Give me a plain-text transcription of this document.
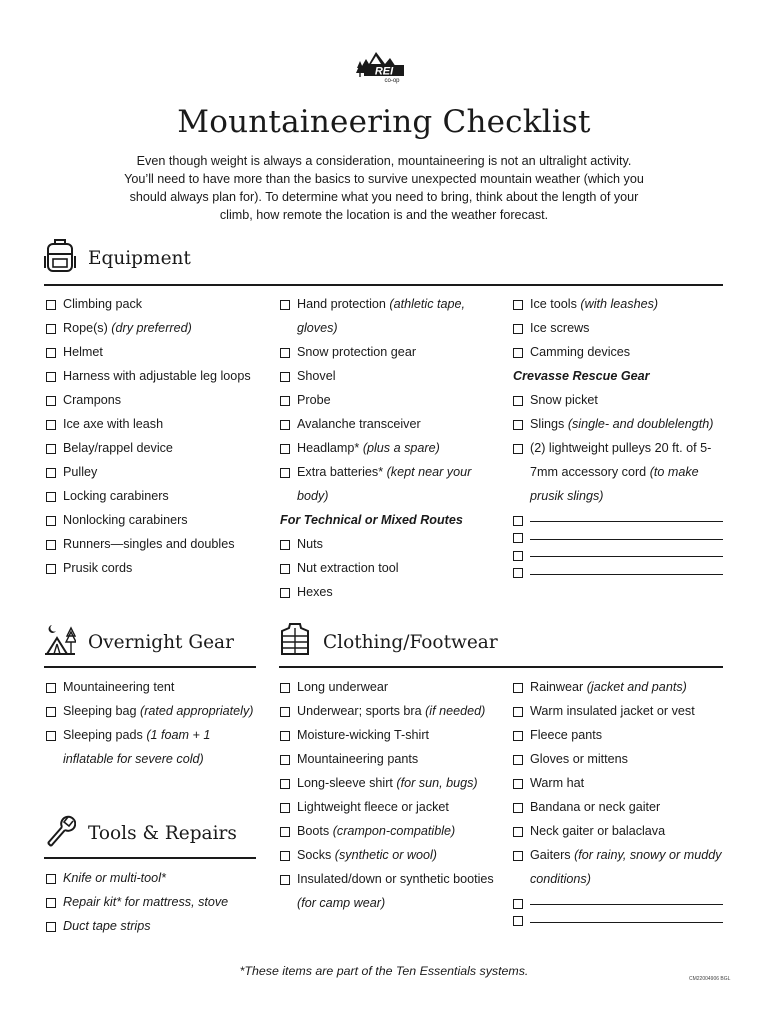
REI
co-op
Mountaineering Checklist
Even though weight is always a consideration, mountaineering is not an ultralight activity. You’ll need to have more than the basics to survive unexpected mountain weather (which you should always plan for). To determine what you need to bring, think about the length of your climb, how remote the location is and the weather forecast.
Equipment
Climbing pack
Rope(s) (dry preferred)
Helmet
Harness with adjustable leg loops
Crampons
Ice axe with leash
Belay/rappel device
Pulley
Locking carabiners
Nonlocking carabiners
Runners—singles and doubles
Prusik cords
Hand protection (athletic tape, gloves)
Snow protection gear
Shovel
Probe
Avalanche transceiver
Headlamp* (plus a spare)
Extra batteries* (kept near your body)
For Technical or Mixed Routes
Nuts
Nut extraction tool
Hexes
Ice tools (with leashes)
Ice screws
Camming devices
Crevasse Rescue Gear
Snow picket
Slings (single- and doublelength)
(2) lightweight pulleys 20 ft. of 5-7mm accessory cord (to make prusik slings)
Overnight Gear
Mountaineering tent
Sleeping bag (rated appropriately)
Sleeping pads (1 foam + 1 inflatable for severe cold)
Tools & Repairs
Knife or multi-tool*
Repair kit* for mattress, stove
Duct tape strips
Clothing/Footwear
Long underwear
Underwear; sports bra (if needed)
Moisture-wicking T-shirt
Mountaineering pants
Long-sleeve shirt (for sun, bugs)
Lightweight fleece or jacket
Boots (crampon-compatible)
Socks (synthetic or wool)
Insulated/down or synthetic booties (for camp wear)
Rainwear (jacket and pants)
Warm insulated jacket or vest
Fleece pants
Gloves or mittens
Warm hat
Bandana or neck gaiter
Neck gaiter or balaclava
Gaiters (for rainy, snowy or muddy conditions)
*These items are part of the Ten Essentials systems.
CM22004906 BGL
